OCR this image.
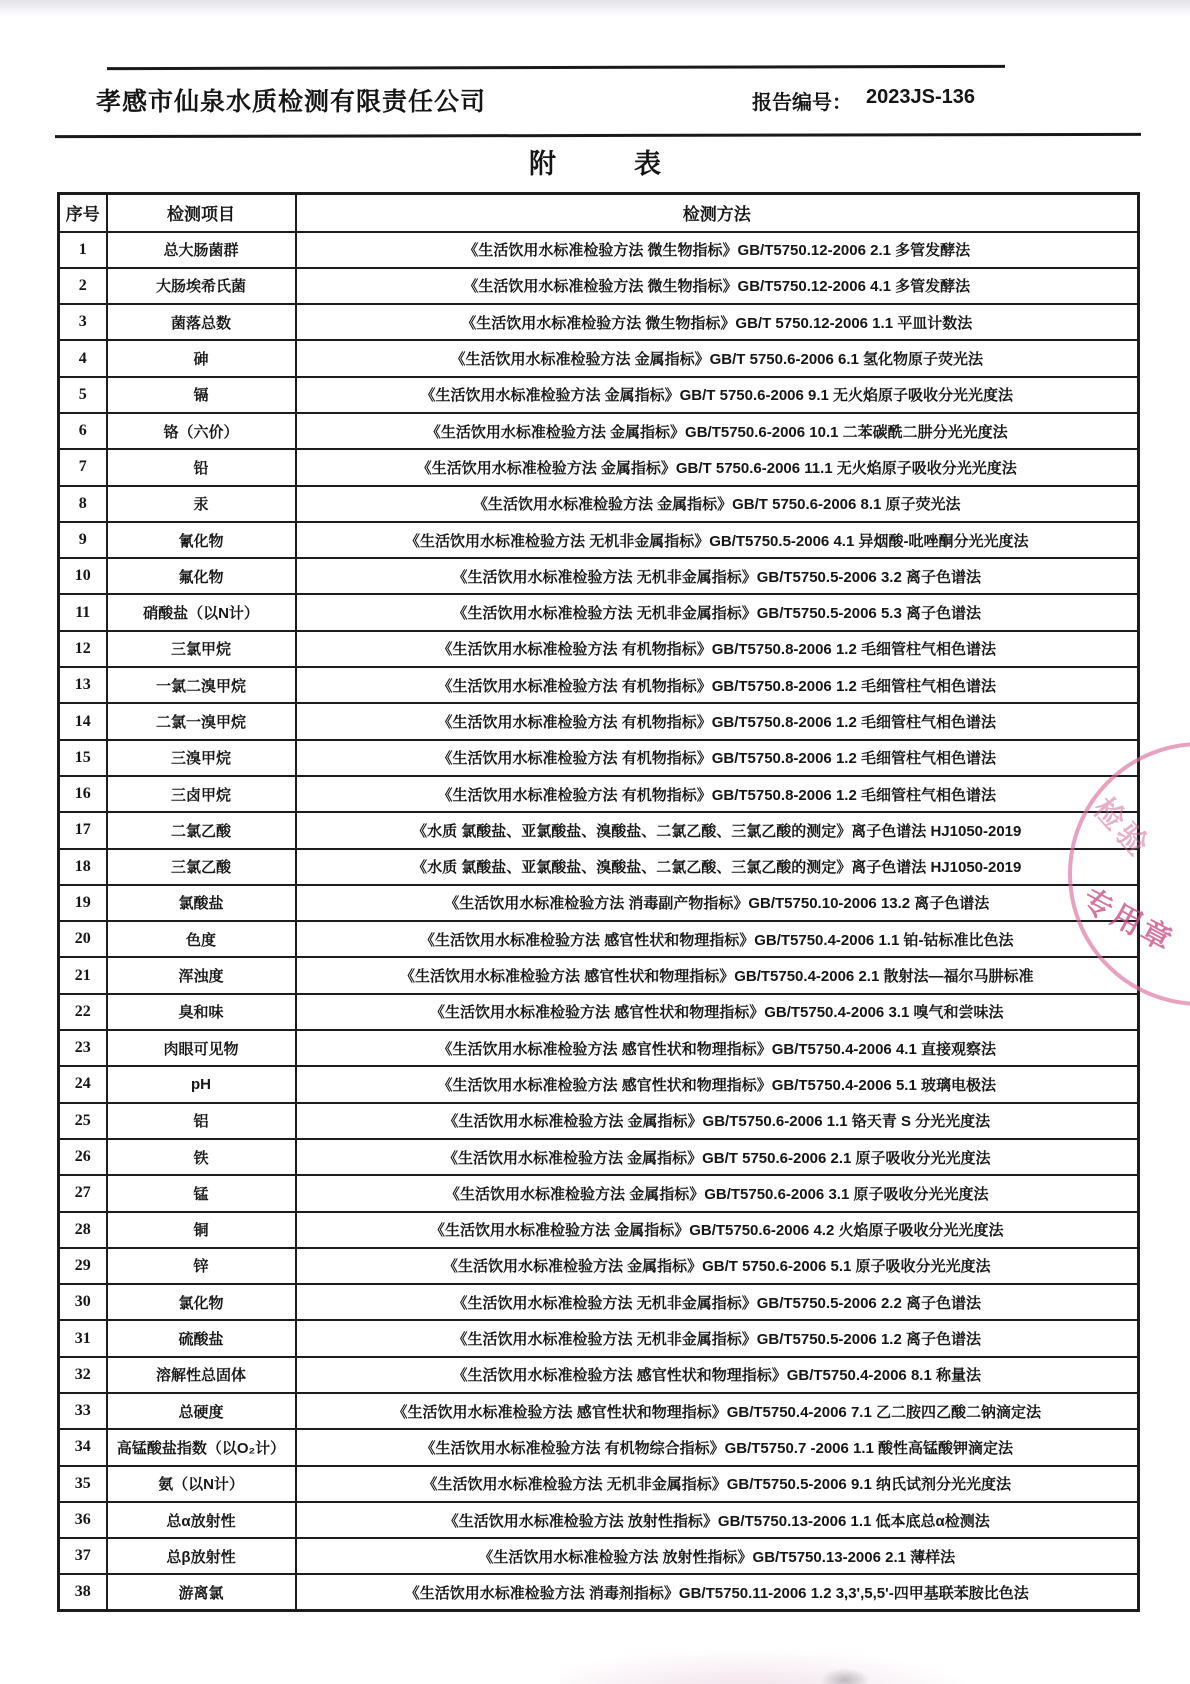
孝感市仙泉水质检测有限责任公司	报告编号： 2023JS-136
附表
序号	检测项目	检测方法
1	总大肠菌群	《生活饮用水标准检验方法 微生物指标》GB/T5750.12-2006 2.1 多管发酵法
2	大肠埃希氏菌	《生活饮用水标准检验方法 微生物指标》GB/T5750.12-2006 4.1 多管发酵法
3	菌落总数	《生活饮用水标准检验方法 微生物指标》GB/T 5750.12-2006 1.1 平皿计数法
4	砷	《生活饮用水标准检验方法 金属指标》GB/T 5750.6-2006 6.1 氢化物原子荧光法
5	镉	《生活饮用水标准检验方法 金属指标》GB/T 5750.6-2006 9.1 无火焰原子吸收分光光度法
6	铬（六价）	《生活饮用水标准检验方法 金属指标》GB/T5750.6-2006 10.1 二苯碳酰二肼分光光度法
7	铅	《生活饮用水标准检验方法 金属指标》GB/T 5750.6-2006 11.1 无火焰原子吸收分光光度法
8	汞	《生活饮用水标准检验方法 金属指标》GB/T 5750.6-2006 8.1 原子荧光法
9	氰化物	《生活饮用水标准检验方法 无机非金属指标》GB/T5750.5-2006 4.1 异烟酸-吡唑酮分光光度法
10	氟化物	《生活饮用水标准检验方法 无机非金属指标》GB/T5750.5-2006 3.2 离子色谱法
11	硝酸盐（以N计）	《生活饮用水标准检验方法 无机非金属指标》GB/T5750.5-2006 5.3 离子色谱法
12	三氯甲烷	《生活饮用水标准检验方法 有机物指标》GB/T5750.8-2006 1.2 毛细管柱气相色谱法
13	一氯二溴甲烷	《生活饮用水标准检验方法 有机物指标》GB/T5750.8-2006 1.2 毛细管柱气相色谱法
14	二氯一溴甲烷	《生活饮用水标准检验方法 有机物指标》GB/T5750.8-2006 1.2 毛细管柱气相色谱法
15	三溴甲烷	《生活饮用水标准检验方法 有机物指标》GB/T5750.8-2006 1.2 毛细管柱气相色谱法
16	三卤甲烷	《生活饮用水标准检验方法 有机物指标》GB/T5750.8-2006 1.2 毛细管柱气相色谱法
17	二氯乙酸	《水质 氯酸盐、亚氯酸盐、溴酸盐、二氯乙酸、三氯乙酸的测定》离子色谱法 HJ1050-2019
18	三氯乙酸	《水质 氯酸盐、亚氯酸盐、溴酸盐、二氯乙酸、三氯乙酸的测定》离子色谱法 HJ1050-2019
19	氯酸盐	《生活饮用水标准检验方法 消毒副产物指标》GB/T5750.10-2006 13.2 离子色谱法
20	色度	《生活饮用水标准检验方法 感官性状和物理指标》GB/T5750.4-2006 1.1 铂-钴标准比色法
21	浑浊度	《生活饮用水标准检验方法 感官性状和物理指标》GB/T5750.4-2006 2.1 散射法—福尔马肼标准
22	臭和味	《生活饮用水标准检验方法 感官性状和物理指标》GB/T5750.4-2006 3.1 嗅气和尝味法
23	肉眼可见物	《生活饮用水标准检验方法 感官性状和物理指标》GB/T5750.4-2006 4.1 直接观察法
24	pH	《生活饮用水标准检验方法 感官性状和物理指标》GB/T5750.4-2006 5.1 玻璃电极法
25	铝	《生活饮用水标准检验方法 金属指标》GB/T5750.6-2006 1.1 铬天青 S 分光光度法
26	铁	《生活饮用水标准检验方法 金属指标》GB/T 5750.6-2006 2.1 原子吸收分光光度法
27	锰	《生活饮用水标准检验方法 金属指标》GB/T5750.6-2006 3.1 原子吸收分光光度法
28	铜	《生活饮用水标准检验方法 金属指标》GB/T5750.6-2006 4.2 火焰原子吸收分光光度法
29	锌	《生活饮用水标准检验方法 金属指标》GB/T 5750.6-2006 5.1 原子吸收分光光度法
30	氯化物	《生活饮用水标准检验方法 无机非金属指标》GB/T5750.5-2006 2.2 离子色谱法
31	硫酸盐	《生活饮用水标准检验方法 无机非金属指标》GB/T5750.5-2006 1.2 离子色谱法
32	溶解性总固体	《生活饮用水标准检验方法 感官性状和物理指标》GB/T5750.4-2006 8.1 称量法
33	总硬度	《生活饮用水标准检验方法 感官性状和物理指标》GB/T5750.4-2006 7.1 乙二胺四乙酸二钠滴定法
34	高锰酸盐指数（以O₂计）	《生活饮用水标准检验方法 有机物综合指标》GB/T5750.7 -2006 1.1 酸性高锰酸钾滴定法
35	氨（以N计）	《生活饮用水标准检验方法 无机非金属指标》GB/T5750.5-2006 9.1 纳氏试剂分光光度法
36	总α放射性	《生活饮用水标准检验方法 放射性指标》GB/T5750.13-2006 1.1 低本底总α检测法
37	总β放射性	《生活饮用水标准检验方法 放射性指标》GB/T5750.13-2006 2.1 薄样法
38	游离氯	《生活饮用水标准检验方法 消毒剂指标》GB/T5750.11-2006 1.2 3,3',5,5'-四甲基联苯胺比色法
检验
专用章
